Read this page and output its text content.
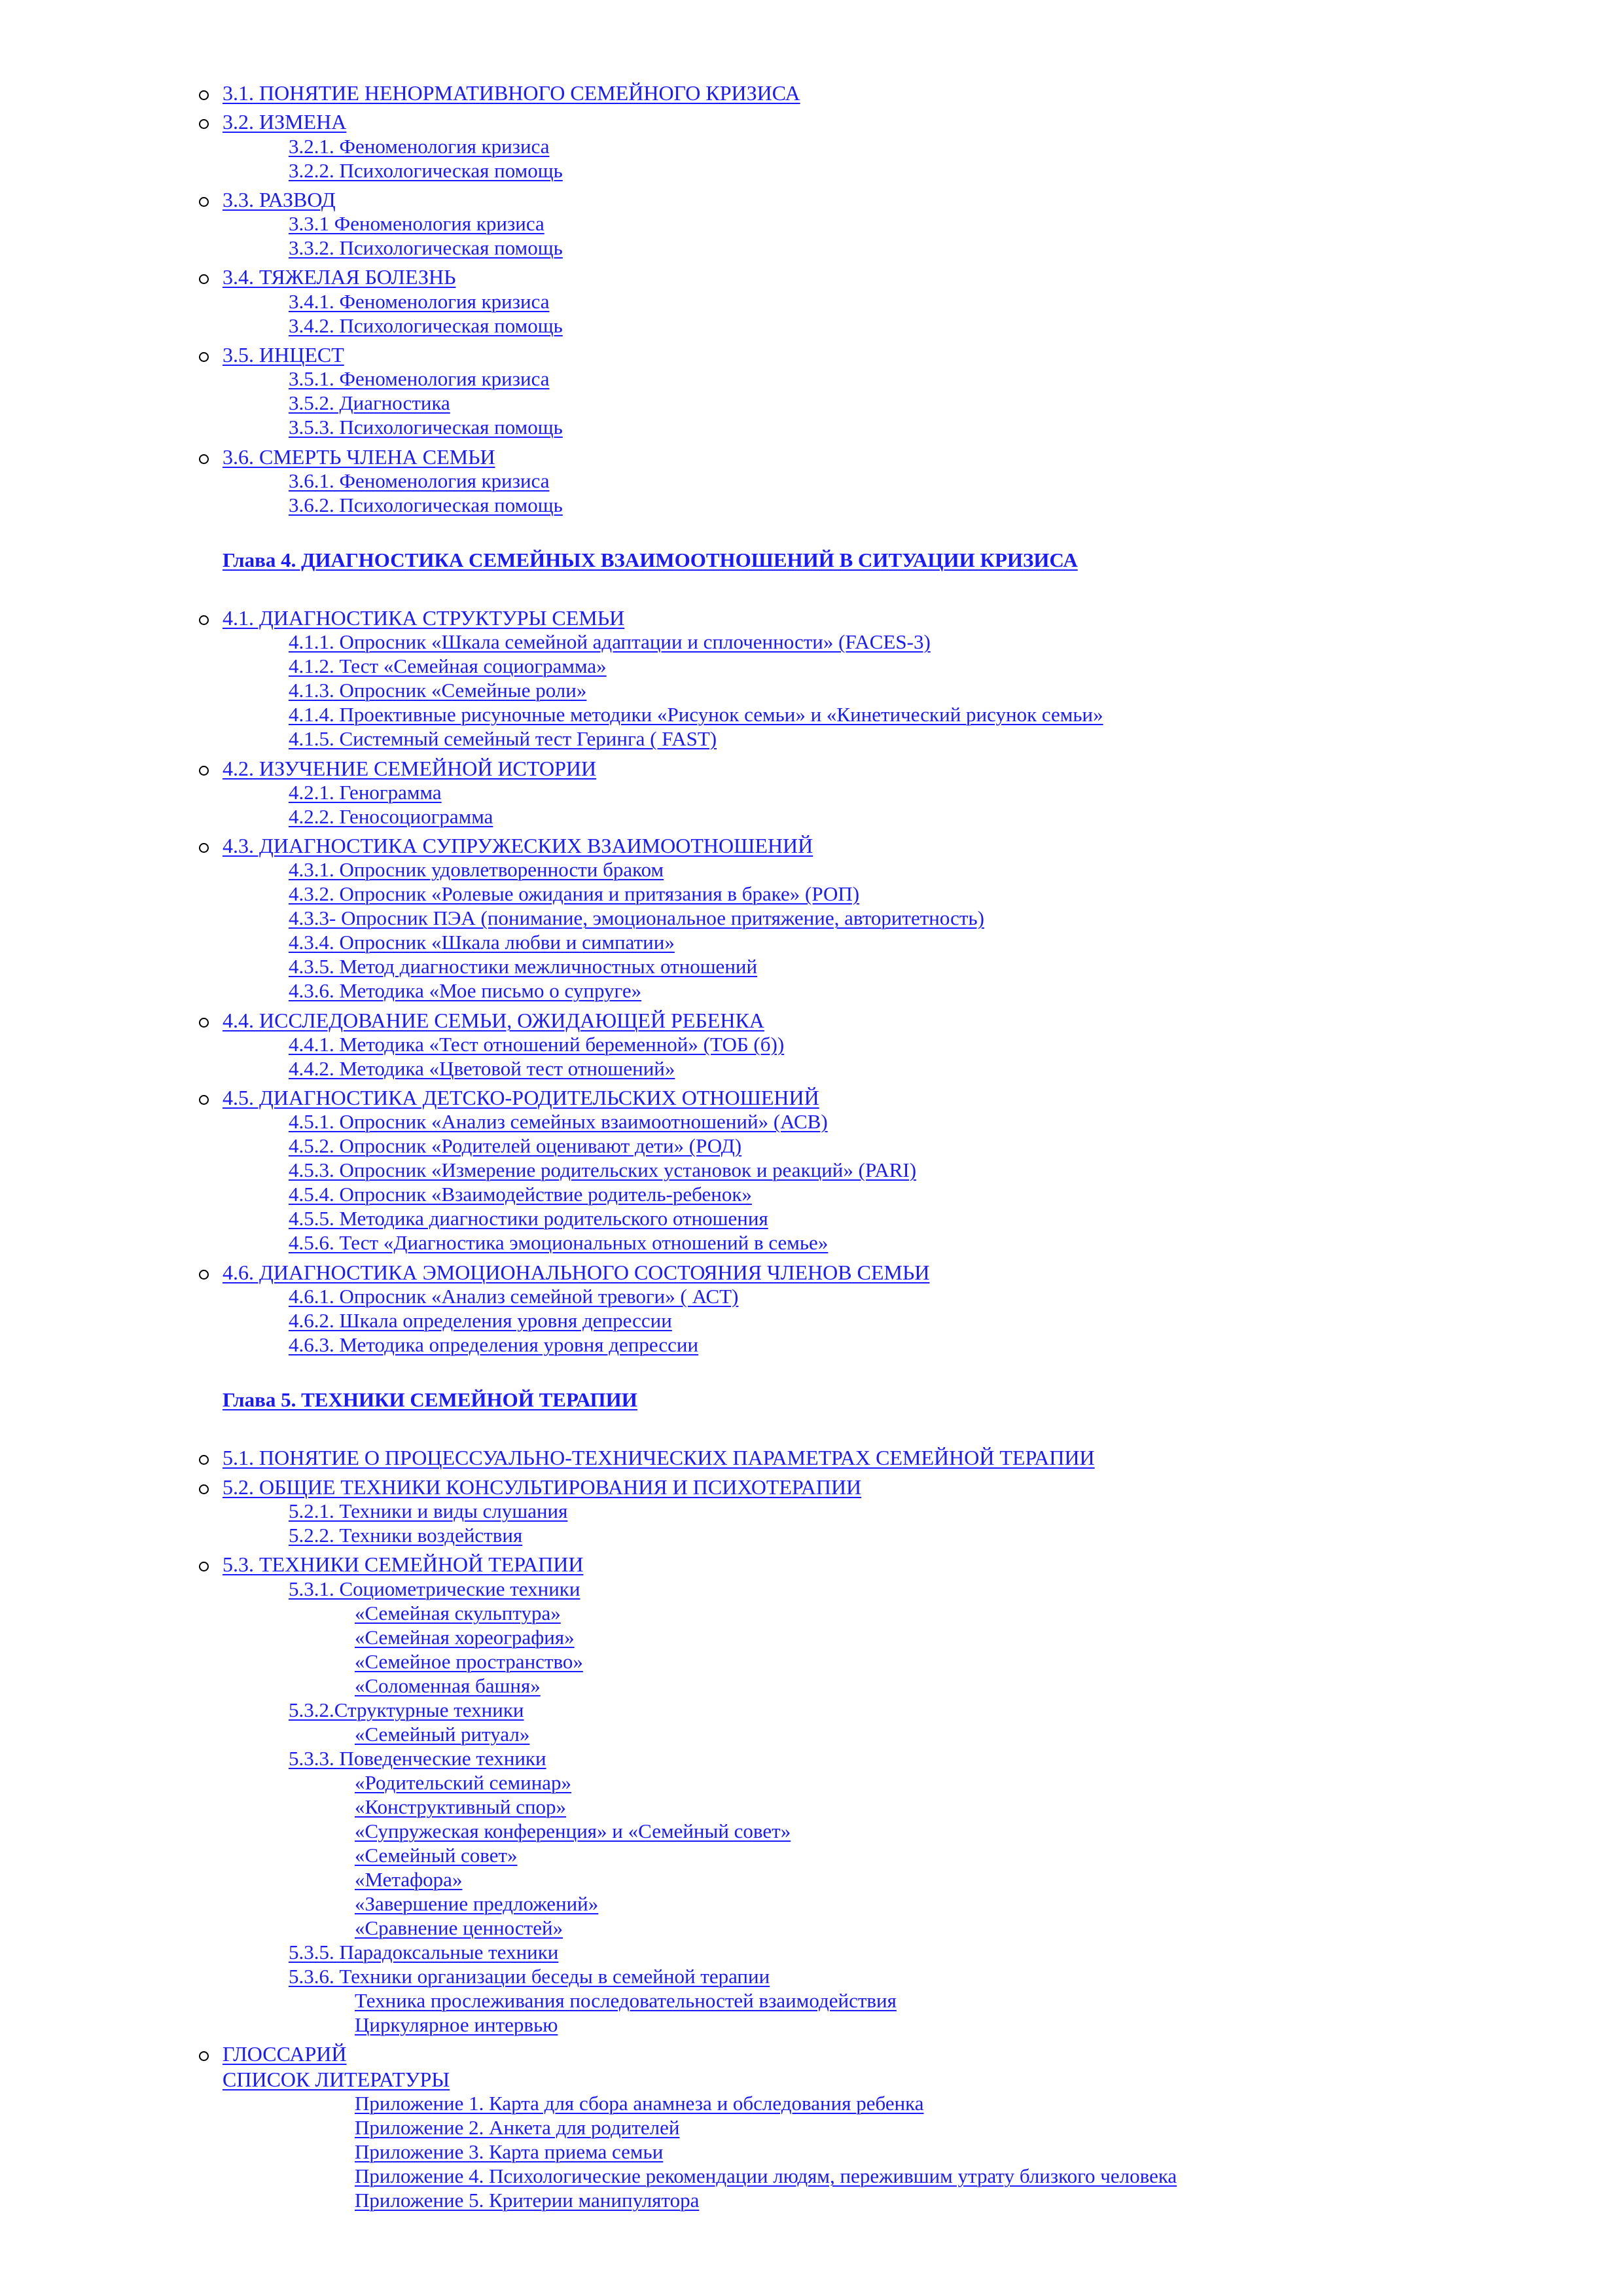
3.1. ПОНЯТИЕ НЕНОРМАТИВНОГО СЕМЕЙНОГО КРИЗИСА
3.2. ИЗМЕНА
3.2.1. Феноменология кризиса
3.2.2. Психологическая помощь
3.3. РАЗВОД
3.3.1 Феноменология кризиса
3.3.2. Психологическая помощь
3.4. ТЯЖЕЛАЯ БОЛЕЗНЬ
3.4.1. Феноменология кризиса
3.4.2. Психологическая помощь
3.5. ИНЦЕСТ
3.5.1. Феноменология кризиса
3.5.2. Диагностика
3.5.3. Психологическая помощь
3.6. СМЕРТЬ ЧЛЕНА СЕМЬИ
3.6.1. Феноменология кризиса
3.6.2. Психологическая помощь
Глава 4. ДИАГНОСТИКА СЕМЕЙНЫХ ВЗАИМООТНОШЕНИЙ В СИТУАЦИИ КРИЗИСА
4.1. ДИАГНОСТИКА СТРУКТУРЫ СЕМЬИ
4.1.1. Опросник «Шкала семейной адаптации и сплоченности» (FACES-3)
4.1.2. Тест «Семейная социограмма»
4.1.3. Опросник «Семейные роли»
4.1.4. Проективные рисуночные методики «Рисунок семьи» и «Кинетический рисунок семьи»
4.1.5. Системный семейный тест Геринга ( FAST)
4.2. ИЗУЧЕНИЕ СЕМЕЙНОЙ ИСТОРИИ
4.2.1. Генограмма
4.2.2. Геносоциограмма
4.3. ДИАГНОСТИКА СУПРУЖЕСКИХ ВЗАИМООТНОШЕНИЙ
4.3.1. Опросник удовлетворенности браком
4.3.2. Опросник «Ролевые ожидания и притязания в браке» (РОП)
4.3.3- Опросник ПЭА (понимание, эмоциональное притяжение, авторитетность)
4.3.4. Опросник «Шкала любви и симпатии»
4.3.5. Метод диагностики межличностных отношений
4.3.6. Методика «Мое письмо о супруге»
4.4. ИССЛЕДОВАНИЕ СЕМЬИ, ОЖИДАЮЩЕЙ РЕБЕНКА
4.4.1. Методика «Тест отношений беременной» (ТОБ (б))
4.4.2. Методика «Цветовой тест отношений»
4.5. ДИАГНОСТИКА ДЕТСКО-РОДИТЕЛЬСКИХ ОТНОШЕНИЙ
4.5.1. Опросник «Анализ семейных взаимоотношений» (АСВ)
4.5.2. Опросник «Родителей оценивают дети» (РОД)
4.5.3. Опросник «Измерение родительских установок и реакций» (PARI)
4.5.4. Опросник «Взаимодействие родитель-ребенок»
4.5.5. Методика диагностики родительского отношения
4.5.6. Тест «Диагностика эмоциональных отношений в семье»
4.6. ДИАГНОСТИКА ЭМОЦИОНАЛЬНОГО СОСТОЯНИЯ ЧЛЕНОВ СЕМЬИ
4.6.1. Опросник «Анализ семейной тревоги» ( АСТ)
4.6.2. Шкала определения уровня депрессии
4.6.3. Методика определения уровня депрессии
Глава 5. ТЕХНИКИ СЕМЕЙНОЙ ТЕРАПИИ
5.1. ПОНЯТИЕ О ПРОЦЕССУАЛЬНО-ТЕХНИЧЕСКИХ ПАРАМЕТРАХ СЕМЕЙНОЙ ТЕРАПИИ
5.2. ОБЩИЕ ТЕХНИКИ КОНСУЛЬТИРОВАНИЯ И ПСИХОТЕРАПИИ
5.2.1. Техники и виды слушания
5.2.2. Техники воздействия
5.3. ТЕХНИКИ СЕМЕЙНОЙ ТЕРАПИИ
5.3.1. Социометрические техники
«Семейная скульптура»
«Семейная хореография»
«Семейное пространство»
«Соломенная башня»
5.3.2.Структурные техники
«Семейный ритуал»
5.3.3. Поведенческие техники
«Родительский семинар»
«Конструктивный спор»
«Супружеская конференция» и «Семейный совет»
«Семейный совет»
«Метафора»
«Завершение предложений»
«Сравнение ценностей»
5.3.5. Парадоксальные техники
5.3.6. Техники организации беседы в семейной терапии
Техника прослеживания последовательностей взаимодействия
Циркулярное интервью
ГЛОССАРИЙ
СПИСОК ЛИТЕРАТУРЫ
Приложение 1. Карта для сбора анамнеза и обследования ребенка
Приложение 2. Анкета для родителей
Приложение 3. Карта приема семьи
Приложение 4. Психологические рекомендации людям, пережившим утрату близкого человека
Приложение 5. Критерии манипулятора
